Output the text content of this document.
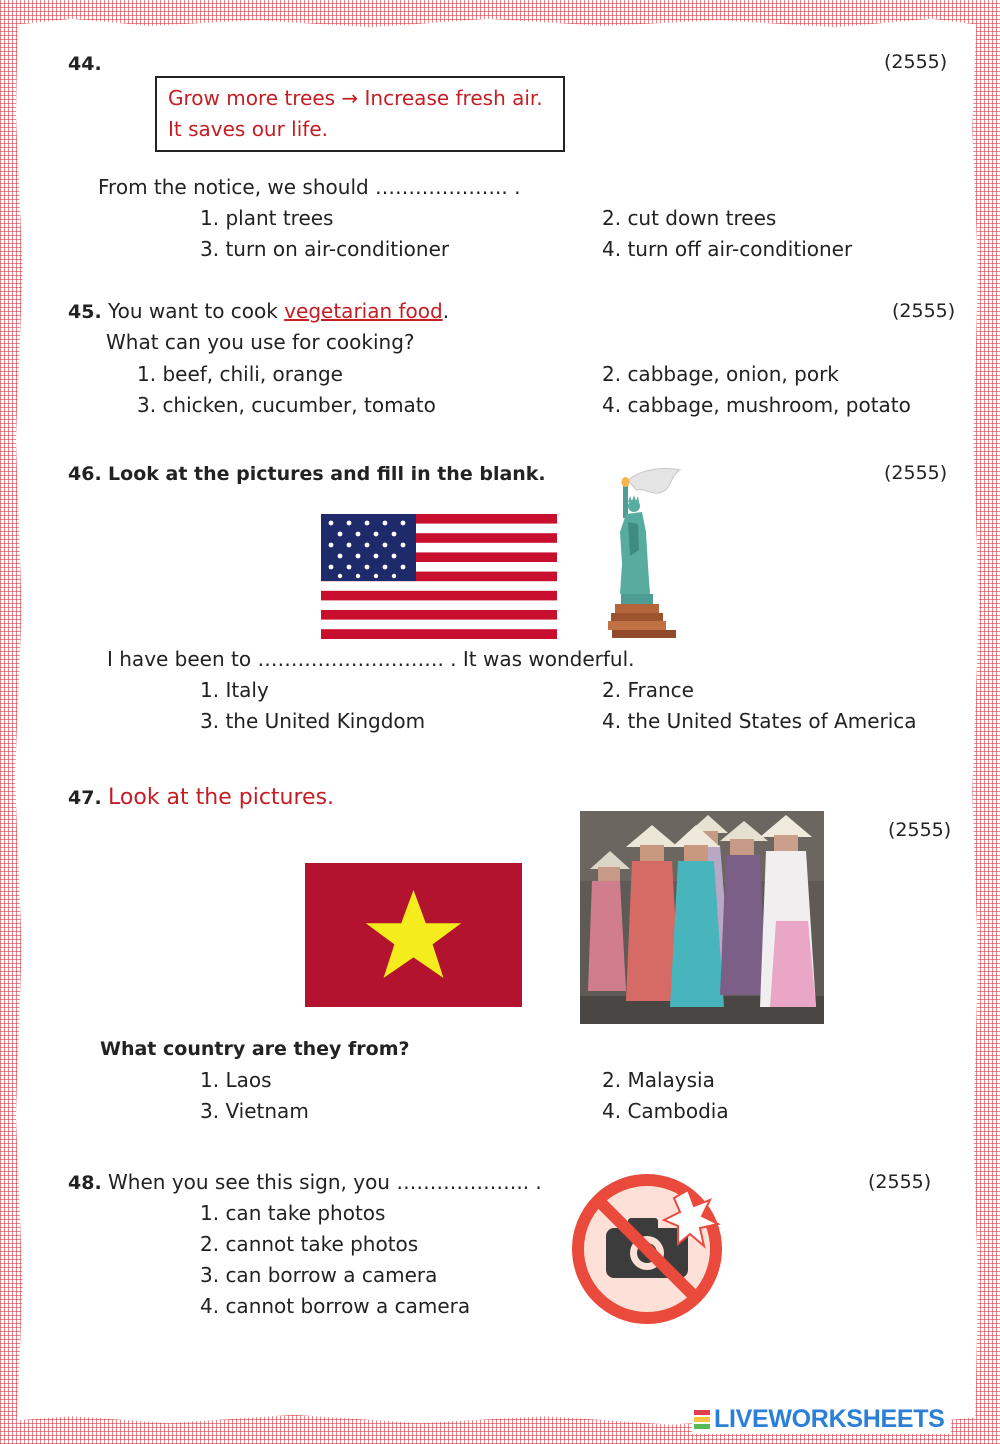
44.	(2555)
Grow more trees → Increase fresh air.
It saves our life.
From the notice, we should ……………….. .
1. plant trees	2. cut down trees
3. turn on air-conditioner	4. turn off air-conditioner
45. You want to cook vegetarian food.	(2555)
What can you use for cooking?
1. beef, chili, orange	2. cabbage, onion, pork
3. chicken, cucumber, tomato	4. cabbage, mushroom, potato
46. Look at the pictures and fill in the blank.	(2555)
I have been to ………………………. . It was wonderful.
1. Italy	2. France
3. the United Kingdom	4. the United States of America
47. Look at the pictures.
(2555)
What country are they from?
1. Laos	2. Malaysia
3. Vietnam	4. Cambodia
48. When you see this sign, you ……………….. .	(2555)
1. can take photos
2. cannot take photos
3. can borrow a camera
4. cannot borrow a camera
LIVEWORKSHEETS
